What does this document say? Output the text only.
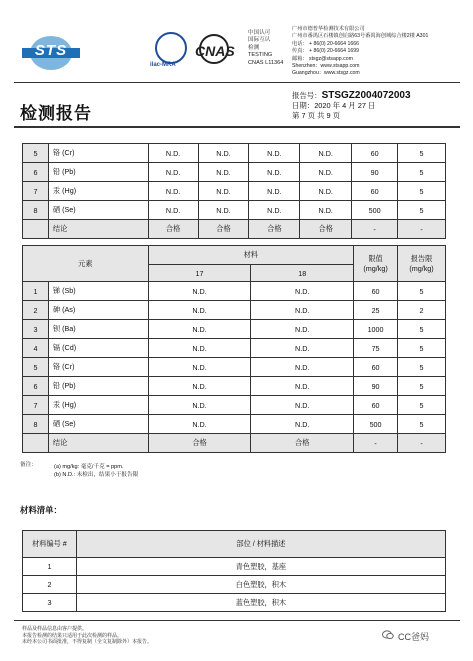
STS
ilac-MRA
CNAS
中国认可
国际互认
检测
TESTING
CNAS L11364
广州市德普华检测技术有限公司
广州市番禺区石楼镇创启路63号番禺海创城综合楼2楼 A301
电话： + 86(0) 20-6664 1666
传真： + 86(0) 20-6664 1699
邮箱： stsgz@stsapp.com
Shenzhen：www.stsapp.com
Guangzhou：www.stsgz.com

检测报告
报告号：STSGZ2004072003
日期：2020 年 4 月 27 日
第 7 页 共 9 页
5	铬 (Cr)	N.D.	N.D.	N.D.	N.D.	60	5
6	铅 (Pb)	N.D.	N.D.	N.D.	N.D.	90	5
7	汞 (Hg)	N.D.	N.D.	N.D.	N.D.	60	5
8	硒 (Se)	N.D.	N.D.	N.D.	N.D.	500	5
	结论	合格	合格	合格	合格	-	-
元素		材料		限值
(mg/kg)	报告限
(mg/kg)
		17	18		
1	锑 (Sb)	N.D.	N.D.	60	5
2	砷 (As)	N.D.	N.D.	25	2
3	钡 (Ba)	N.D.	N.D.	1000	5
4	镉 (Cd)	N.D.	N.D.	75	5
5	铬 (Cr)	N.D.	N.D.	60	5
6	铅 (Pb)	N.D.	N.D.	90	5
7	汞 (Hg)	N.D.	N.D.	60	5
8	硒 (Se)	N.D.	N.D.	500	5
	结论	合格	合格	-	-
备注：	(a) mg/kg: 毫克/千克 = ppm.
(b) N.D.: 未检出，结果小于报告限
材料清单：
材料编号 #	部位 / 材料描述
1	青色塑胶，基座
2	白色塑胶，积木
3	蓝色塑胶，积木
样品及样品信息由客户提供。
本报告检测的结果只适用于此次检测的样品。
未经本公司书面批准，不得复制（全文复制除外）本报告。
CC爸妈
